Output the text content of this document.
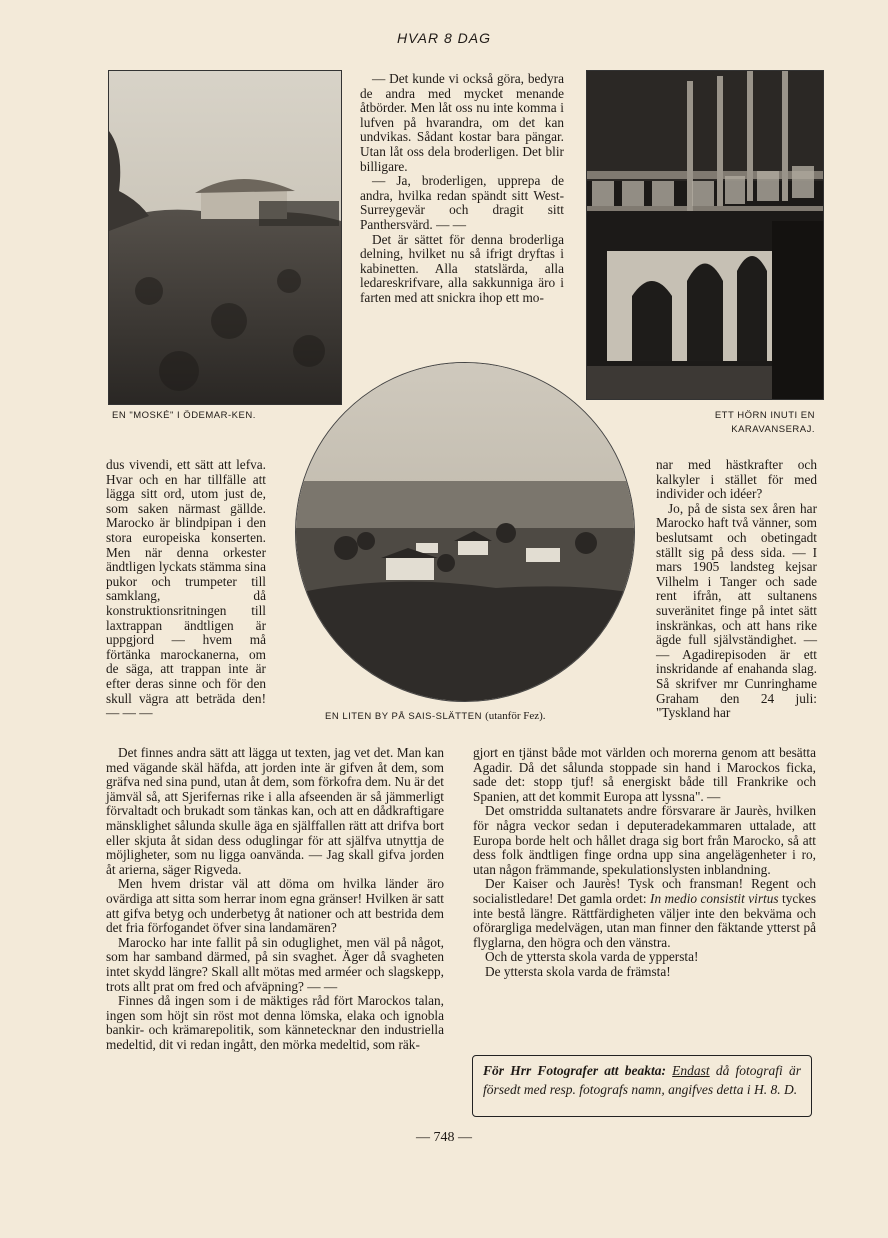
HVAR 8 DAG
EN "MOSKÉ" I ÖDEMAR-KEN.	ETT HÖRN INUTI EN KARAVANSERAJ.
EN LITEN BY PÅ SAIS-SLÄTTEN (utanför Fez).

— Det kunde vi också göra, bedyra de andra med mycket menande åtbörder. Men låt oss nu inte komma i lufven på hvarandra, om det kan undvikas. Sådant kostar bara pängar. Utan låt oss dela broderligen. Det blir billigare.

— Ja, broderligen, upprepa de andra, hvilka redan spändt sitt West-Surreygevär och dragit sitt Panthersvärd. — —

Det är sättet för denna broderliga delning, hvilket nu så ifrigt dryftas i kabinetten. Alla statslärda, alla ledareskrifvare, alla sakkunniga äro i farten med att snickra ihop ett mo-

dus vivendi, ett sätt att lefva. Hvar och en har tillfälle att lägga sitt ord, utom just de, som saken närmast gällde. Marocko är blindpipan i den stora europeiska konserten. Men när denna orkester ändtligen lyckats stämma sina pukor och trumpeter till samklang, då konstruktionsritningen till laxtrappan ändtligen är uppgjord — hvem må förtänka marockanerna, om de säga, att trappan inte är efter deras sinne och för den skull vägra att beträda den! — — —

Det finnes andra sätt att lägga ut texten, jag vet det. Man kan med vägande skäl häfda, att jorden inte är gifven åt dem, som gräfva ned sina pund, utan åt dem, som förkofra dem. Nu är det jämväl så, att Sjerifernas rike i alla afseenden är så jämmerligt förvaltadt och brukadt som tänkas kan, och att en dådkraftigare mänsklighet sålunda skulle äga en själffallen rätt att drifva bort eller skjuta åt sidan dess oduglingar för att själfva utnyttja de möjligheter, som nu ligga oanvända. — Jag skall gifva jorden åt arierna, säger Rigveda.

Men hvem dristar väl att döma om hvilka länder äro ovärdiga att sitta som herrar inom egna gränser! Hvilken är satt att gifva betyg och underbetyg åt nationer och att bestrida dem det fria förfogandet öfver sina landamären?

Marocko har inte fallit på sin oduglighet, men väl på något, som har samband därmed, på sin svaghet. Äger då svagheten intet skydd längre? Skall allt mötas med arméer och slagskepp, trots allt prat om fred och afväpning? — —

Finnes då ingen som i de mäktiges råd fört Marockos talan, ingen som höjt sin röst mot denna lömska, elaka och ignobla bankir- och krämarepolitik, som kännetecknar den industriella medeltid, dit vi redan ingått, den mörka medeltid, som räk-

nar med hästkrafter och kalkyler i stället för med individer och idéer?

Jo, på de sista sex åren har Marocko haft två vänner, som beslutsamt och obetingadt ställt sig på dess sida. — I mars 1905 landsteg kejsar Vilhelm i Tanger och sade rent ifrån, att sultanens suveränitet finge på intet sätt inskränkas, och att hans rike ägde full självständighet. — — Agadirepisoden är ett inskridande af enahanda slag. Så skrifver mr Cunringhame Graham den 24 juli: "Tyskland har

gjort en tjänst både mot världen och morerna genom att besätta Agadir. Då det sålunda stoppade sin hand i Marockos ficka, sade det: stopp tjuf! så energiskt både till Frankrike och Spanien, att det kommit Europa att lyssna". —

Det omstridda sultanatets andre försvarare är Jaurès, hvilken för några veckor sedan i deputeradekammaren uttalade, att Europa borde helt och hållet draga sig bort från Marocko, så att dess folk ändtligen finge ordna upp sina angelägenheter i ro, utan någon främmande, spekulationslysten inblandning.

Der Kaiser och Jaurès! Tysk och fransman! Regent och socialistledare! Det gamla ordet: In medio consistit virtus tyckes inte bestå längre. Rättfärdigheten väljer inte den bekväma och oförargliga medelvägen, utan man finner den fäktande ytterst på flyglarna, den högra och den vänstra.

Och de yttersta skola varda de yppersta!

De yttersta skola varda de främsta!

För Hrr Fotografer att beakta: Endast då fotografi är försedt med resp. fotografs namn, angifves detta i H. 8. D.
— 748 —
